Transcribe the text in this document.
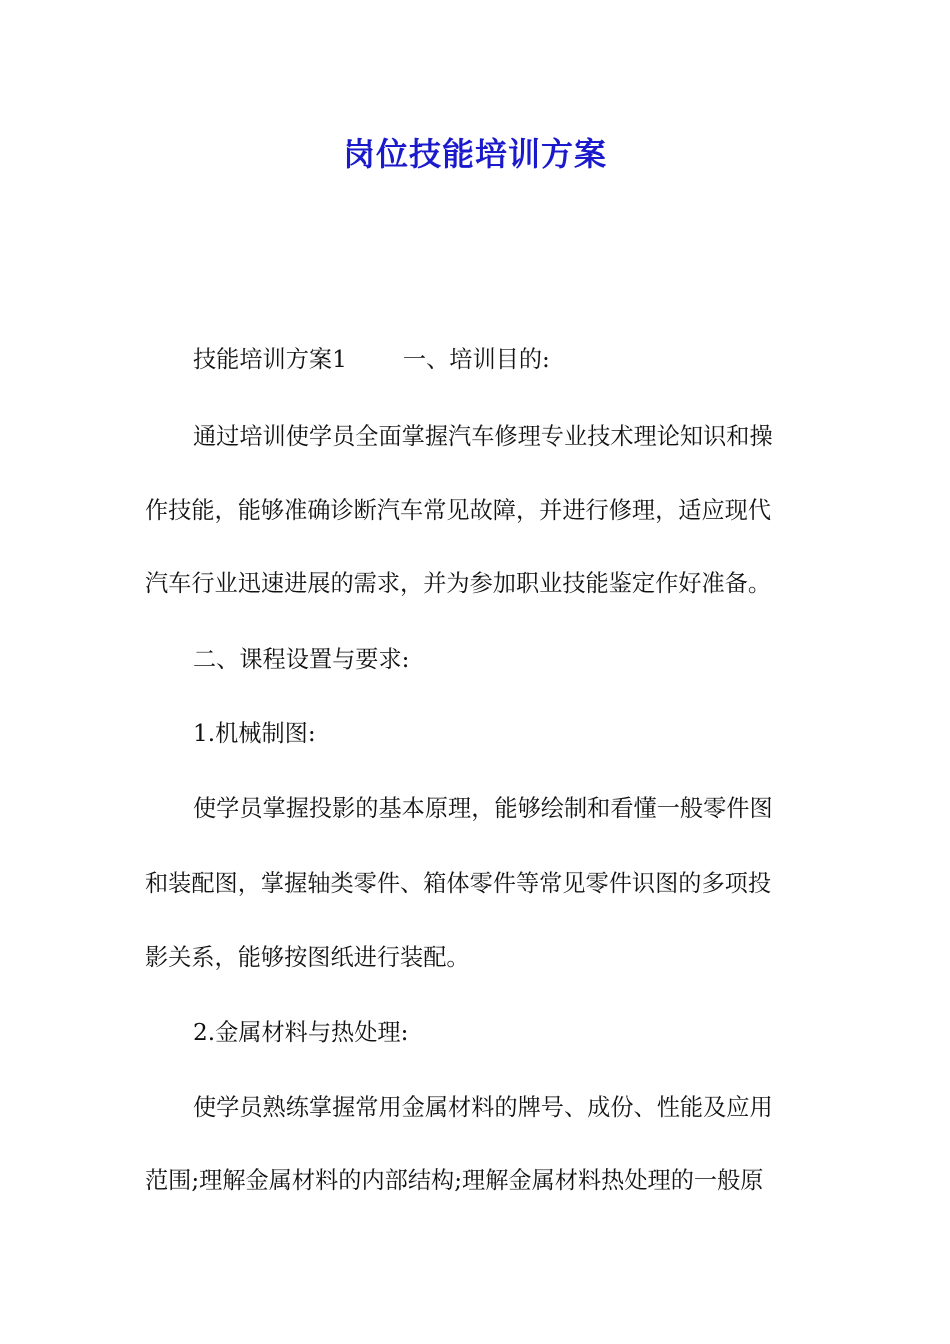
岗位技能培训方案
技能培训方案1 一、培训目的:
通过培训使学员全面掌握汽车修理专业技术理论知识和操
作技能，能够准确诊断汽车常见故障，并进行修理，适应现代
汽车行业迅速进展的需求，并为参加职业技能鉴定作好准备。
二、课程设置与要求:
1.机械制图:
使学员掌握投影的基本原理，能够绘制和看懂一般零件图
和装配图，掌握轴类零件、箱体零件等常见零件识图的多项投
影关系，能够按图纸进行装配。
2.金属材料与热处理:
使学员熟练掌握常用金属材料的牌号、成份、性能及应用
范围;理解金属材料的内部结构;理解金属材料热处理的一般原
